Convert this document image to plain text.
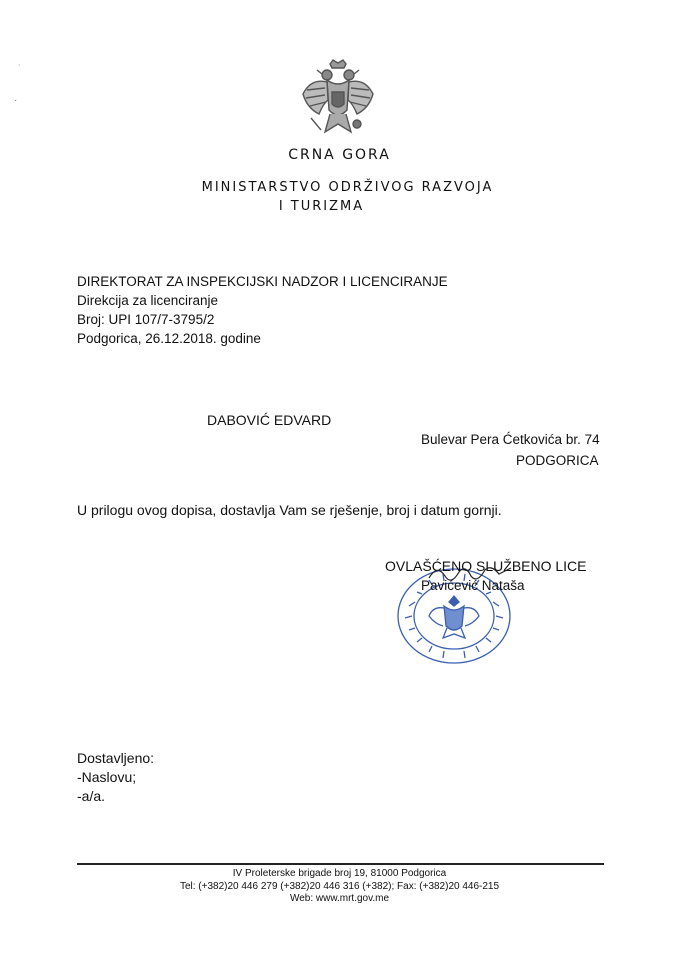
˙
·
CRNA GORA
MINISTARSTVO ODRŽIVOG RAZVOJA
I TURIZMA
DIREKTORAT ZA INSPEKCIJSKI NADZOR I LICENCIRANJE
Direkcija za licenciranje
Broj: UPI 107/7-3795/2
Podgorica, 26.12.2018. godine
DABOVIĆ EDVARD
Bulevar Pera Ćetkovića br. 74
PODGORICA
U prilogu ovog dopisa, dostavlja Vam se rješenje, broj i datum gornji.
OVLAŠĆENO SLUŽBENO LICE
Pavićević Nataša
Dostavljeno:
-Naslovu;
-a/a.
IV Proleterske brigade broj 19, 81000 Podgorica
Tel: (+382)20 446 279 (+382)20 446 316 (+382); Fax: (+382)20 446-215
Web: www.mrt.gov.me
